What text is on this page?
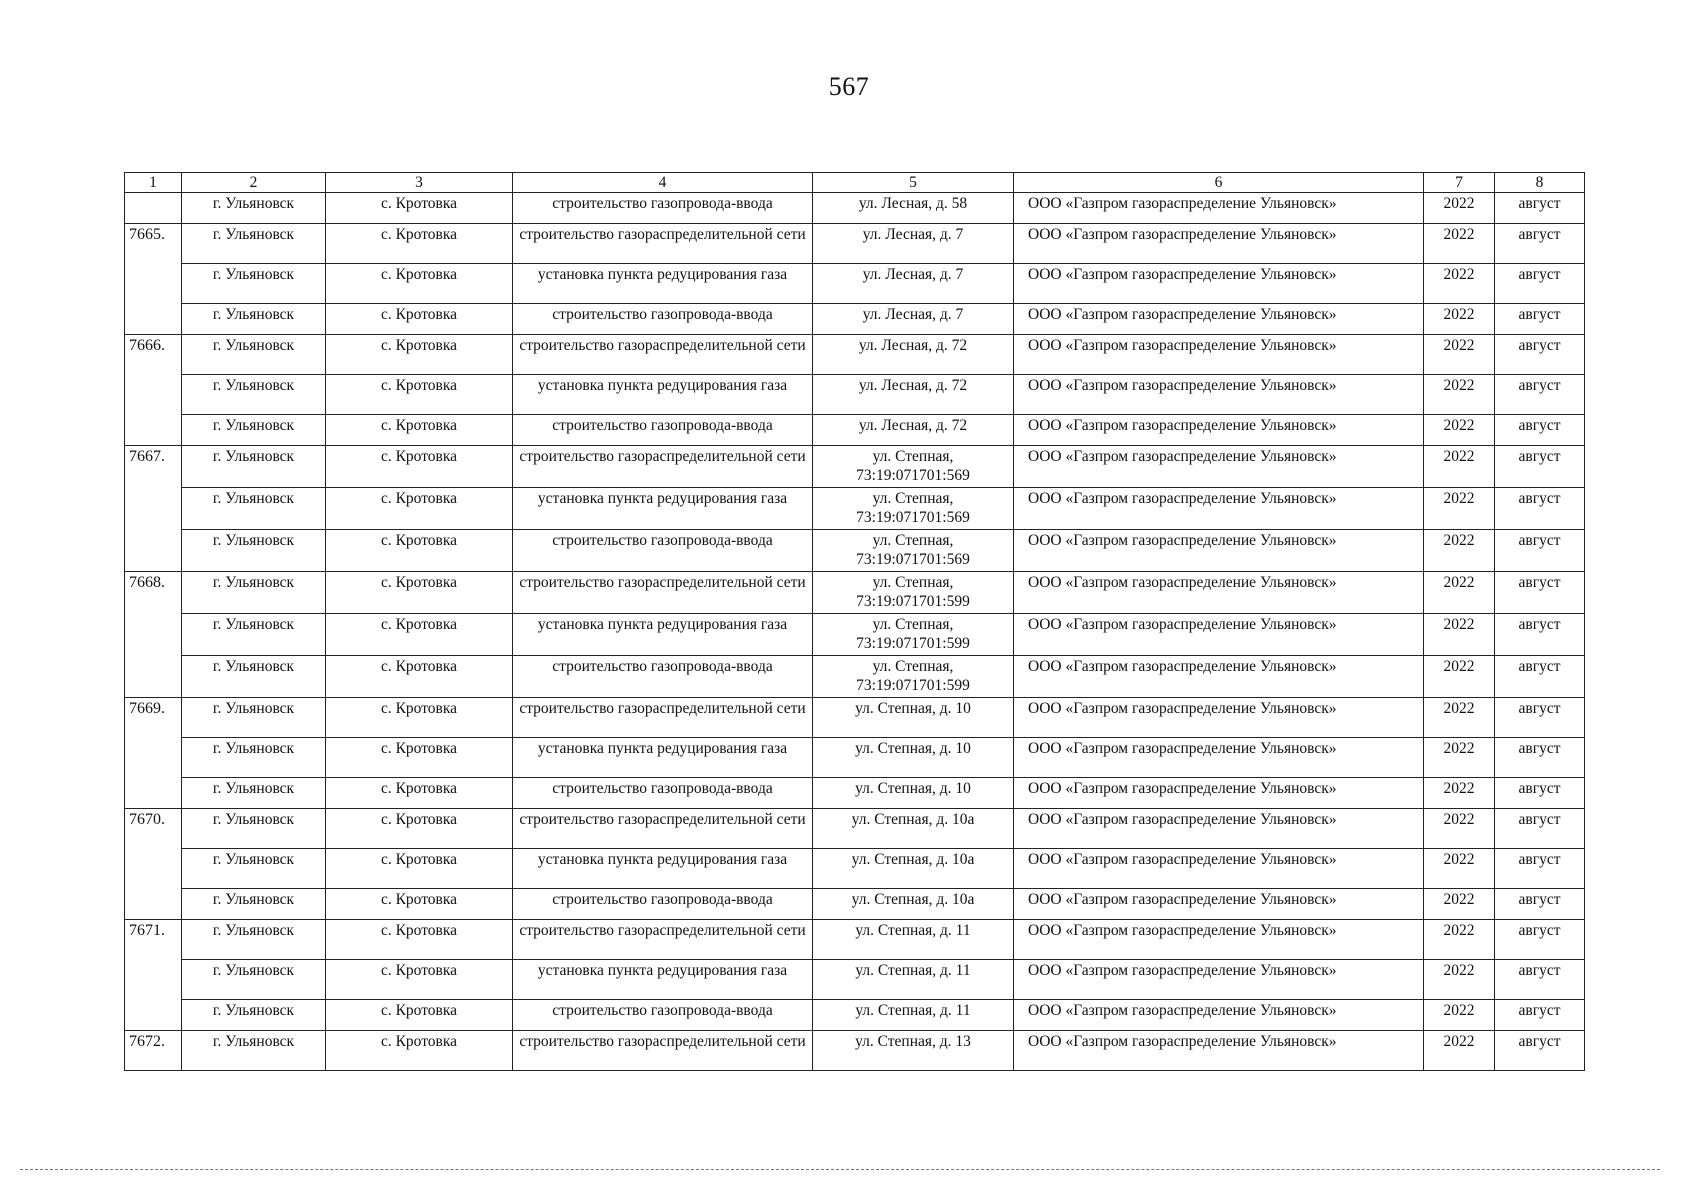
567
1	2	3	4	5	6	7	8
	г. Ульяновск	с. Кротовка	строительство газопровода-ввода	ул. Лесная, д. 58	ООО «Газпром газораспределение Ульяновск»	2022	август
7665.	г. Ульяновск	с. Кротовка	строительство газораспределительной сети	ул. Лесная, д. 7	ООО «Газпром газораспределение Ульяновск»	2022	август
	г. Ульяновск	с. Кротовка	установка пункта редуцирования газа	ул. Лесная, д. 7	ООО «Газпром газораспределение Ульяновск»	2022	август
	г. Ульяновск	с. Кротовка	строительство газопровода-ввода	ул. Лесная, д. 7	ООО «Газпром газораспределение Ульяновск»	2022	август
7666.	г. Ульяновск	с. Кротовка	строительство газораспределительной сети	ул. Лесная, д. 72	ООО «Газпром газораспределение Ульяновск»	2022	август
	г. Ульяновск	с. Кротовка	установка пункта редуцирования газа	ул. Лесная, д. 72	ООО «Газпром газораспределение Ульяновск»	2022	август
	г. Ульяновск	с. Кротовка	строительство газопровода-ввода	ул. Лесная, д. 72	ООО «Газпром газораспределение Ульяновск»	2022	август
7667.	г. Ульяновск	с. Кротовка	строительство газораспределительной сети	ул. Степная, 73:19:071701:569	ООО «Газпром газораспределение Ульяновск»	2022	август
	г. Ульяновск	с. Кротовка	установка пункта редуцирования газа	ул. Степная, 73:19:071701:569	ООО «Газпром газораспределение Ульяновск»	2022	август
	г. Ульяновск	с. Кротовка	строительство газопровода-ввода	ул. Степная, 73:19:071701:569	ООО «Газпром газораспределение Ульяновск»	2022	август
7668.	г. Ульяновск	с. Кротовка	строительство газораспределительной сети	ул. Степная, 73:19:071701:599	ООО «Газпром газораспределение Ульяновск»	2022	август
	г. Ульяновск	с. Кротовка	установка пункта редуцирования газа	ул. Степная, 73:19:071701:599	ООО «Газпром газораспределение Ульяновск»	2022	август
	г. Ульяновск	с. Кротовка	строительство газопровода-ввода	ул. Степная, 73:19:071701:599	ООО «Газпром газораспределение Ульяновск»	2022	август
7669.	г. Ульяновск	с. Кротовка	строительство газораспределительной сети	ул. Степная, д. 10	ООО «Газпром газораспределение Ульяновск»	2022	август
	г. Ульяновск	с. Кротовка	установка пункта редуцирования газа	ул. Степная, д. 10	ООО «Газпром газораспределение Ульяновск»	2022	август
	г. Ульяновск	с. Кротовка	строительство газопровода-ввода	ул. Степная, д. 10	ООО «Газпром газораспределение Ульяновск»	2022	август
7670.	г. Ульяновск	с. Кротовка	строительство газораспределительной сети	ул. Степная, д. 10а	ООО «Газпром газораспределение Ульяновск»	2022	август
	г. Ульяновск	с. Кротовка	установка пункта редуцирования газа	ул. Степная, д. 10а	ООО «Газпром газораспределение Ульяновск»	2022	август
	г. Ульяновск	с. Кротовка	строительство газопровода-ввода	ул. Степная, д. 10а	ООО «Газпром газораспределение Ульяновск»	2022	август
7671.	г. Ульяновск	с. Кротовка	строительство газораспределительной сети	ул. Степная, д. 11	ООО «Газпром газораспределение Ульяновск»	2022	август
	г. Ульяновск	с. Кротовка	установка пункта редуцирования газа	ул. Степная, д. 11	ООО «Газпром газораспределение Ульяновск»	2022	август
	г. Ульяновск	с. Кротовка	строительство газопровода-ввода	ул. Степная, д. 11	ООО «Газпром газораспределение Ульяновск»	2022	август
7672.	г. Ульяновск	с. Кротовка	строительство газораспределительной сети	ул. Степная, д. 13	ООО «Газпром газораспределение Ульяновск»	2022	август
